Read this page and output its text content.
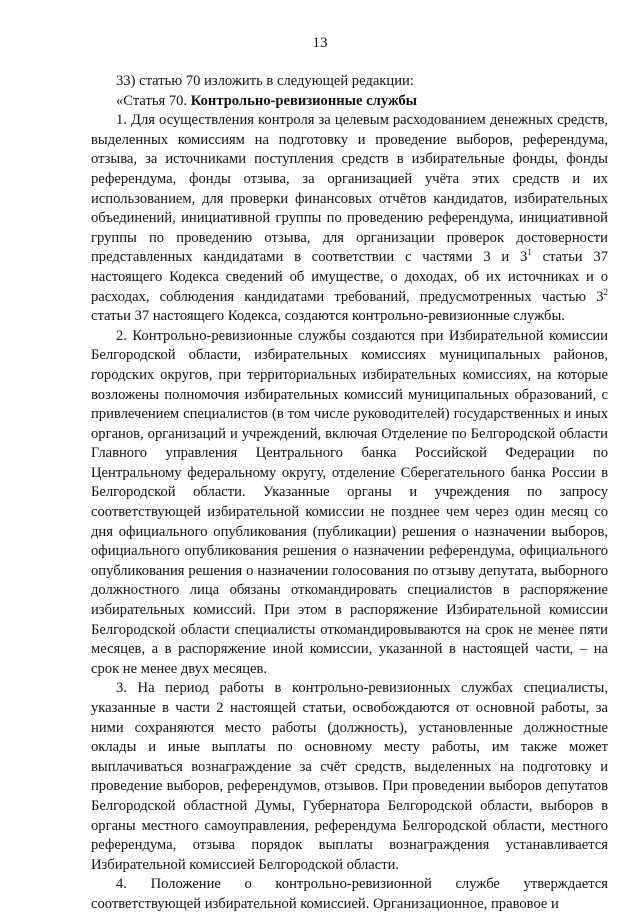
13

33) статью 70 изложить в следующей редакции:

«Статья 70. Контрольно-ревизионные службы

1. Для осуществления контроля за целевым расходованием денежных средств, выделенных комиссиям на подготовку и проведение выборов, референдума, отзыва, за источниками поступления средств в избирательные фонды, фонды референдума, фонды отзыва, за организацией учёта этих средств и их использованием, для проверки финансовых отчётов кандидатов, избирательных объединений, инициативной группы по проведению референдума, инициативной группы по проведению отзыва, для организации проверок достоверности представленных кандидатами в соответствии с частями 3 и $3^1$ статьи 37 настоящего Кодекса сведений об имуществе, о доходах, об их источниках и о расходах, соблюдения кандидатами требований, предусмотренных частью $3^2$ статьи 37 настоящего Кодекса, создаются контрольно-ревизионные службы.

2. Контрольно-ревизионные службы создаются при Избирательной комиссии Белгородской области, избирательных комиссиях муниципальных районов, городских округов, при территориальных избирательных комиссиях, на которые возложены полномочия избирательных комиссий муниципальных образований, с привлечением специалистов (в том числе руководителей) государственных и иных органов, организаций и учреждений, включая Отделение по Белгородской области Главного управления Центрального банка Российской Федерации по Центральному федеральному округу, отделение Сберегательного банка России в Белгородской области. Указанные органы и учреждения по запросу соответствующей избирательной комиссии не позднее чем через один месяц со дня официального опубликования (публикации) решения о назначении выборов, официального опубликования решения о назначении референдума, официального опубликования решения о назначении голосования по отзыву депутата, выборного должностного лица обязаны откомандировать специалистов в распоряжение избирательных комиссий. При этом в распоряжение Избирательной комиссии Белгородской области специалисты откомандировываются на срок не менее пяти месяцев, а в распоряжение иной комиссии, указанной в настоящей части, – на срок не менее двух месяцев.

3. На период работы в контрольно-ревизионных службах специалисты, указанные в части 2 настоящей статьи, освобождаются от основной работы, за ними сохраняются место работы (должность), установленные должностные оклады и иные выплаты по основному месту работы, им также может выплачиваться вознаграждение за счёт средств, выделенных на подготовку и проведение выборов, референдумов, отзывов. При проведении выборов депутатов Белгородской областной Думы, Губернатора Белгородской области, выборов в органы местного самоуправления, референдума Белгородской области, местного референдума, отзыва порядок выплаты вознаграждения устанавливается Избирательной комиссией Белгородской области.

4. Положение о контрольно-ревизионной службе утверждается соответствующей избирательной комиссией. Организационное, правовое и
